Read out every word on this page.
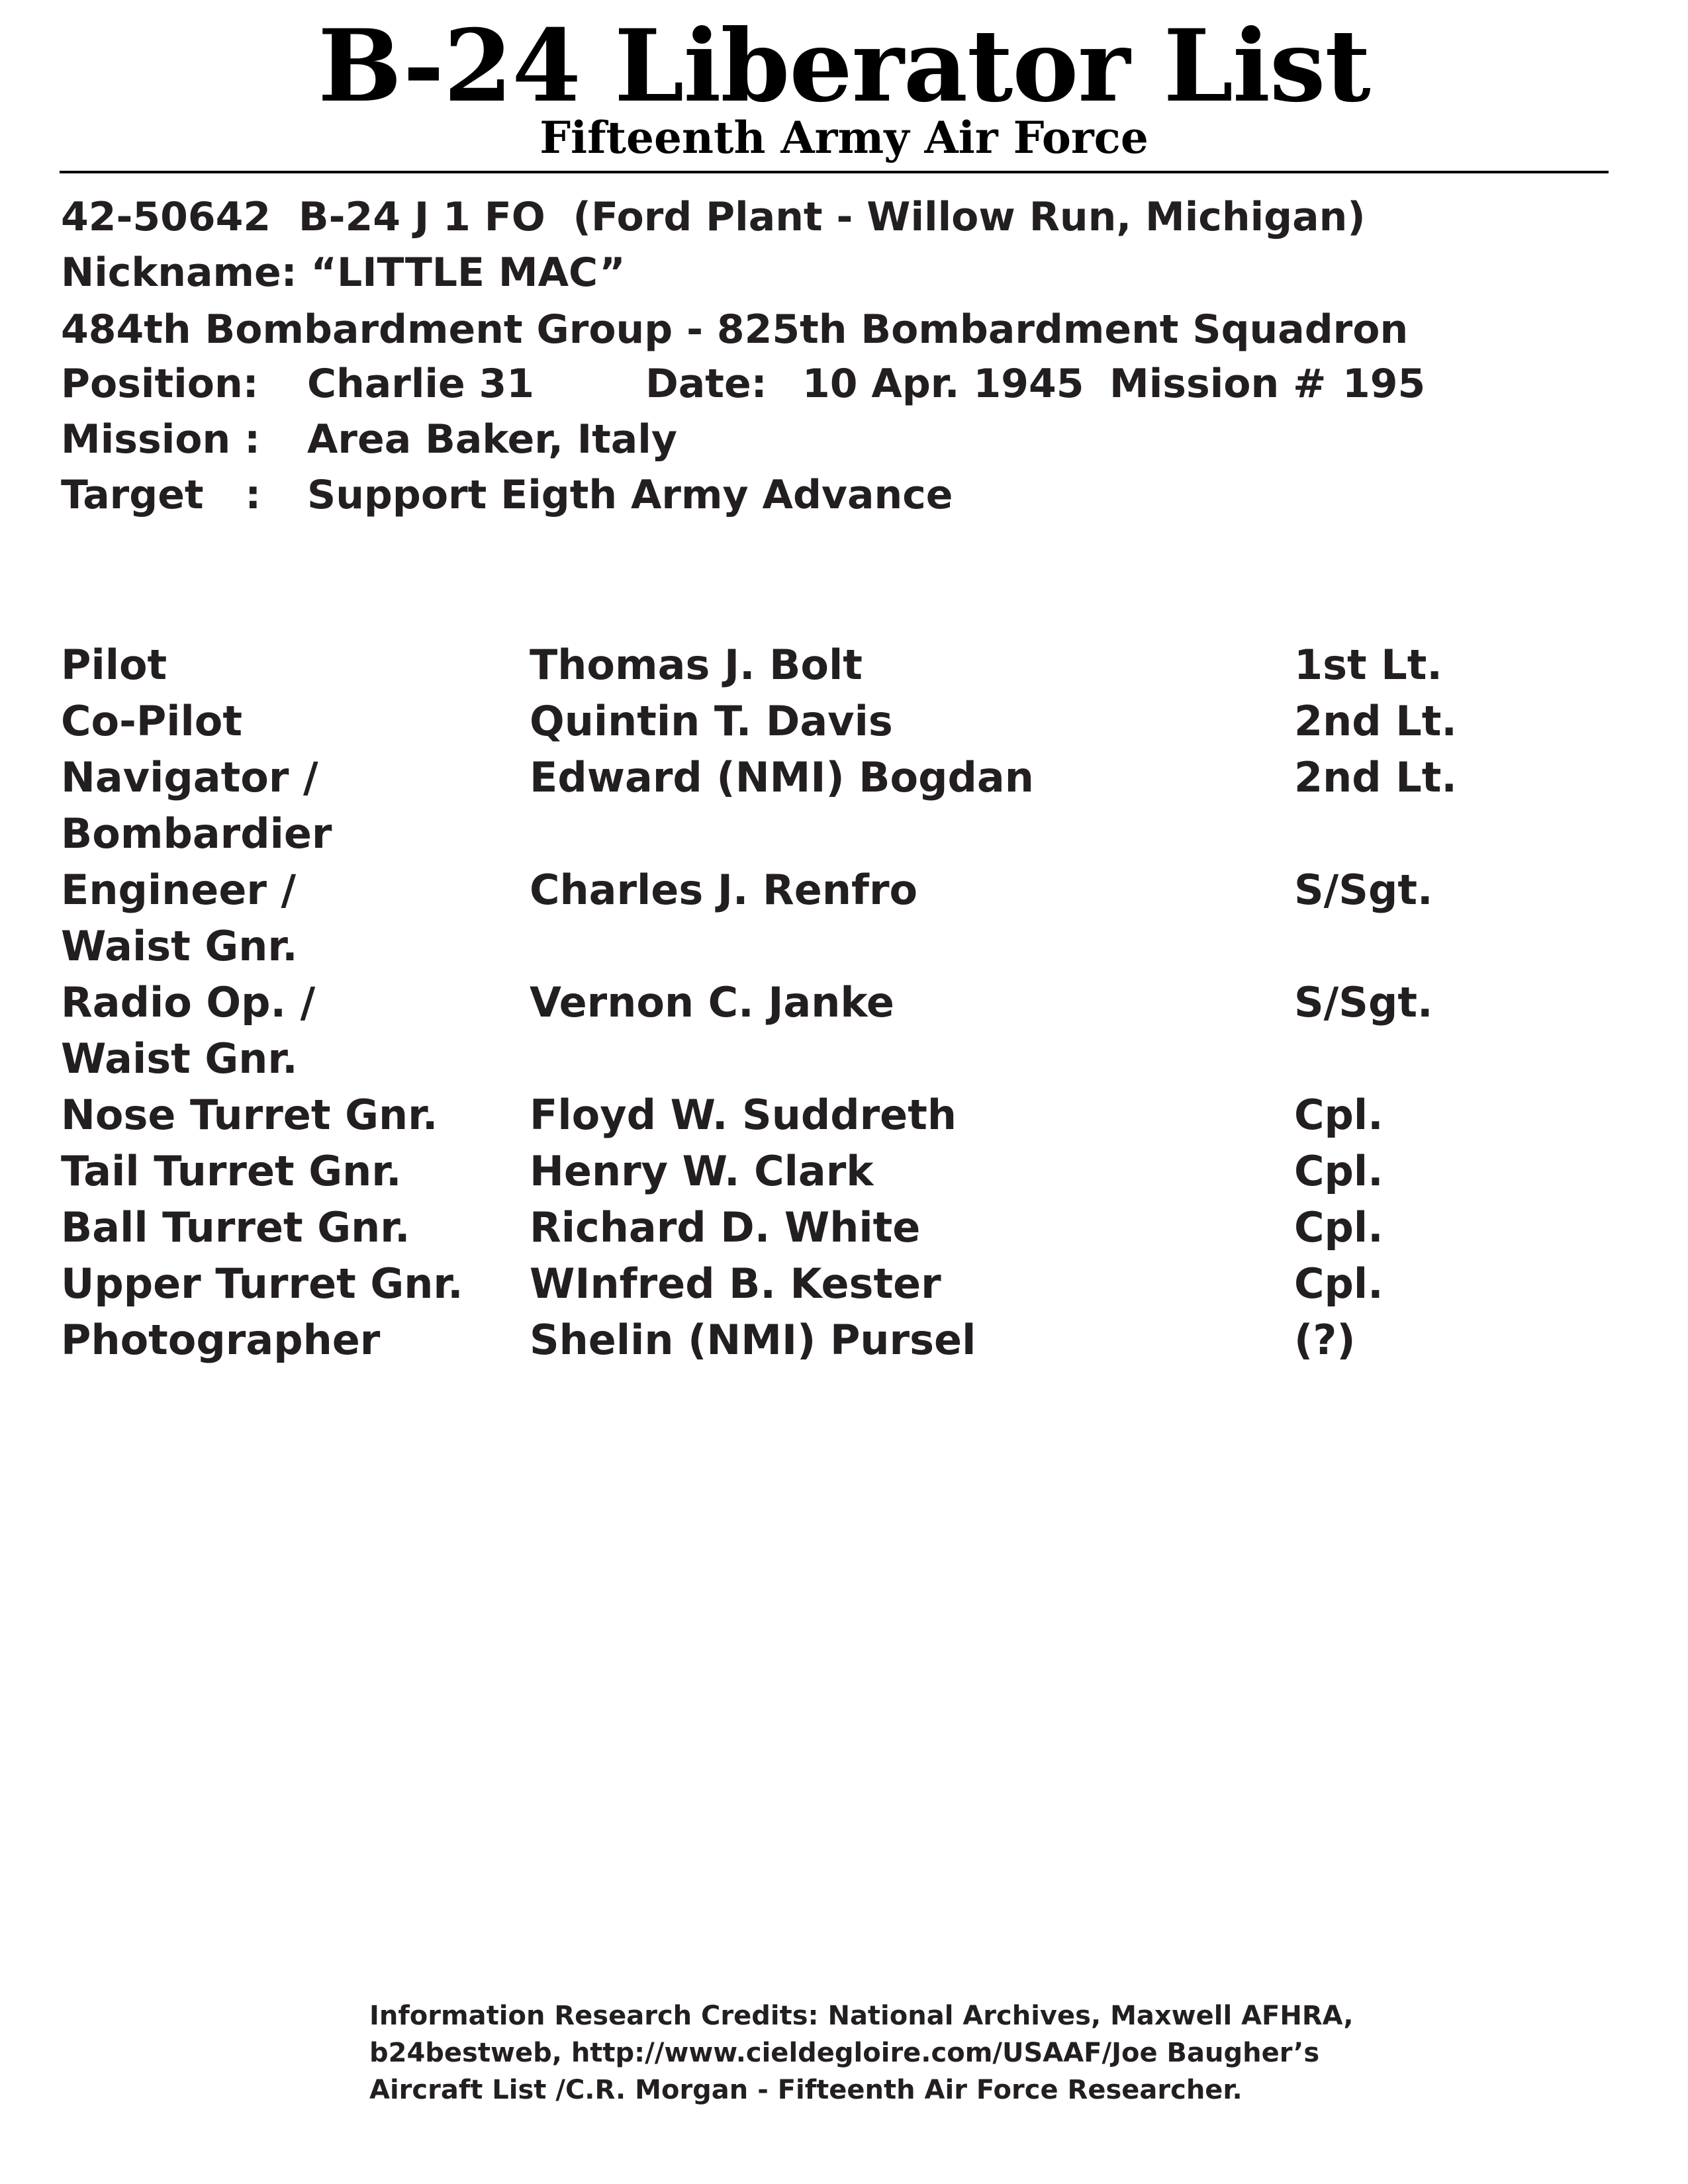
B-24 Liberator List
Fifteenth Army Air Force

42-50642  B-24 J 1 FO  (Ford Plant - Willow Run, Michigan)

Nickname: “LITTLE MAC”

484th Bombardment Group - 825th Bombardment Squadron

Position: Charlie 31	Date: 10 Apr. 1945 Mission # 195

Mission : Area Baker, Italy

Target   : Support Eigth Army Advance

Pilot	Thomas J. Bolt	1st Lt.

Co-Pilot	Quintin T. Davis	2nd Lt.

Navigator /

Bombardier

Edward (NMI) Bogdan	2nd Lt.

Engineer /

Waist Gnr.

Charles J. Renfro	S/Sgt.

Radio Op. /

Waist Gnr.

Vernon C. Janke	S/Sgt.

Nose Turret Gnr.	Floyd W. Suddreth	Cpl.

Tail Turret Gnr.	Henry W. Clark	Cpl.

Ball Turret Gnr.	Richard D. White	Cpl.

Upper Turret Gnr.	WInfred B. Kester	Cpl.

Photographer	Shelin (NMI) Pursel	(?)

Information Research Credits: National Archives, Maxwell AFHRA,
b24bestweb, http://www.cieldegloire.com/USAAF/Joe Baugher’s
Aircraft List /C.R. Morgan - Fifteenth Air Force Researcher.
